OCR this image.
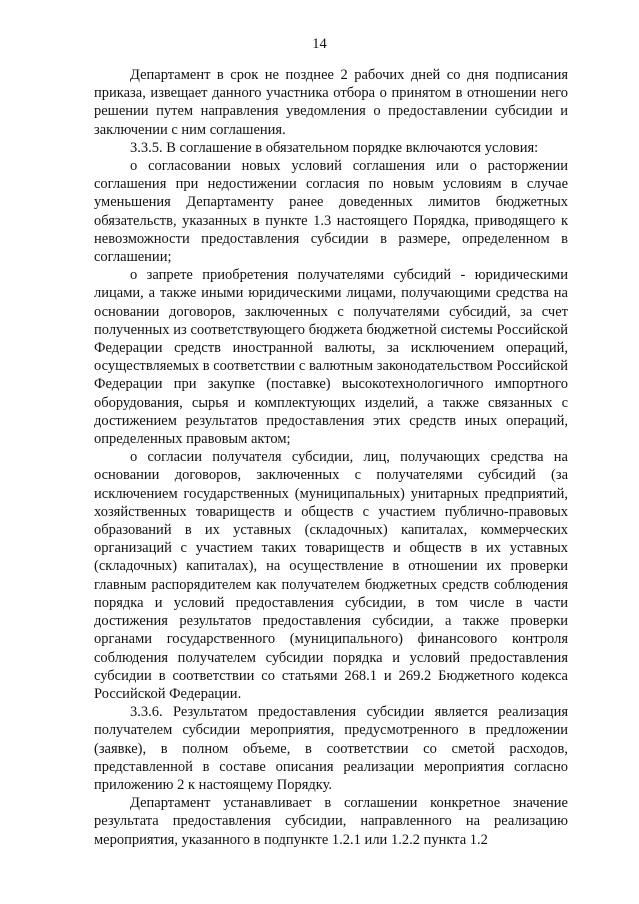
14

Департамент в срок не позднее 2 рабочих дней со дня подписания приказа, извещает данного участника отбора о принятом в отношении него решении путем направления уведомления о предоставлении субсидии и заключении с ним соглашения.

3.3.5. В соглашение в обязательном порядке включаются условия:

о согласовании новых условий соглашения или о расторжении соглашения при недостижении согласия по новым условиям в случае уменьшения Департаменту ранее доведенных лимитов бюджетных обязательств, указанных в пункте 1.3 настоящего Порядка, приводящего к невозможности предоставления субсидии в размере, определенном в соглашении;

о запрете приобретения получателями субсидий - юридическими лицами, а также иными юридическими лицами, получающими средства на основании договоров, заключенных с получателями субсидий, за счет полученных из соответствующего бюджета бюджетной системы Российской Федерации средств иностранной валюты, за исключением операций, осуществляемых в соответствии с валютным законодательством Российской Федерации при закупке (поставке) высокотехнологичного импортного оборудования, сырья и комплектующих изделий, а также связанных с достижением результатов предоставления этих средств иных операций, определенных правовым актом;

о согласии получателя субсидии, лиц, получающих средства на основании договоров, заключенных с получателями субсидий (за исключением государственных (муниципальных) унитарных предприятий, хозяйственных товариществ и обществ с участием публично-правовых образований в их уставных (складочных) капиталах, коммерческих организаций с участием таких товариществ и обществ в их уставных (складочных) капиталах), на осуществление в отношении их проверки главным распорядителем как получателем бюджетных средств соблюдения порядка и условий предоставления субсидии, в том числе в части достижения результатов предоставления субсидии, а также проверки органами государственного (муниципального) финансового контроля соблюдения получателем субсидии порядка и условий предоставления субсидии в соответствии со статьями 268.1 и 269.2 Бюджетного кодекса Российской Федерации.

3.3.6. Результатом предоставления субсидии является реализация получателем субсидии мероприятия, предусмотренного в предложении (заявке), в полном объеме, в соответствии со сметой расходов, представленной в составе описания реализации мероприятия согласно приложению 2 к настоящему Порядку.

Департамент устанавливает в соглашении конкретное значение результата предоставления субсидии, направленного на реализацию мероприятия, указанного в подпункте 1.2.1 или 1.2.2 пункта 1.2
